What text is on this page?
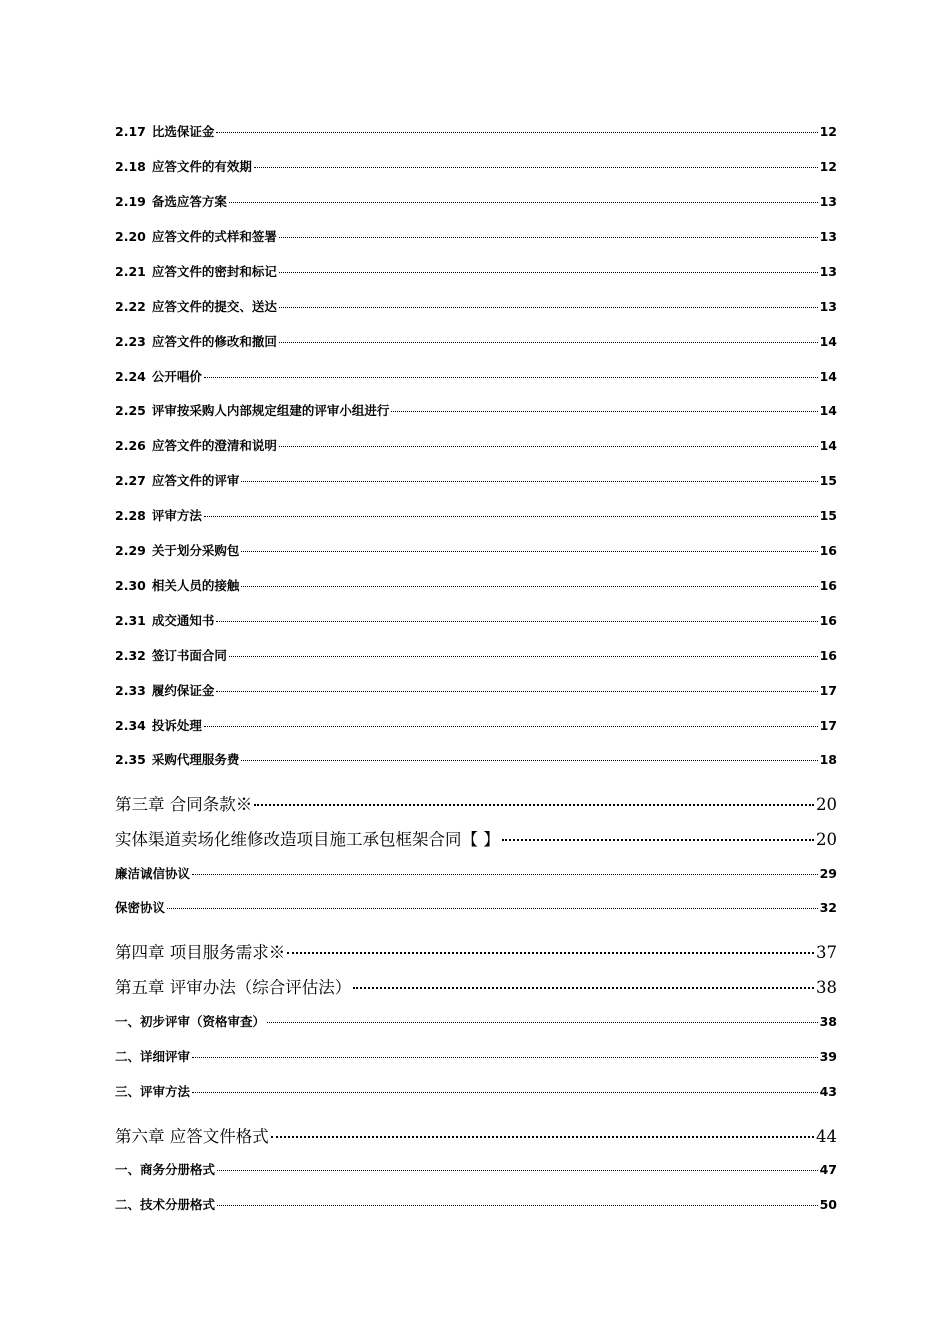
2.17 比选保证金	12
2.18 应答文件的有效期	12
2.19 备选应答方案	13
2.20 应答文件的式样和签署	13
2.21 应答文件的密封和标记	13
2.22 应答文件的提交、送达	13
2.23 应答文件的修改和撤回	14
2.24 公开唱价	14
2.25 评审按采购人内部规定组建的评审小组进行	14
2.26 应答文件的澄清和说明	14
2.27 应答文件的评审	15
2.28 评审方法	15
2.29 关于划分采购包	16
2.30 相关人员的接触	16
2.31 成交通知书	16
2.32 签订书面合同	16
2.33 履约保证金	17
2.34 投诉处理	17
2.35 采购代理服务费	18
第三章 合同条款※	20
实体渠道卖场化维修改造项目施工承包框架合同【 】	20
廉洁诚信协议	29
保密协议	32
第四章 项目服务需求※	37
第五章 评审办法（综合评估法）	38
一、初步评审（资格审查）	38
二、详细评审	39
三、评审方法	43
第六章 应答文件格式	44
一、商务分册格式	47
二、技术分册格式	50
